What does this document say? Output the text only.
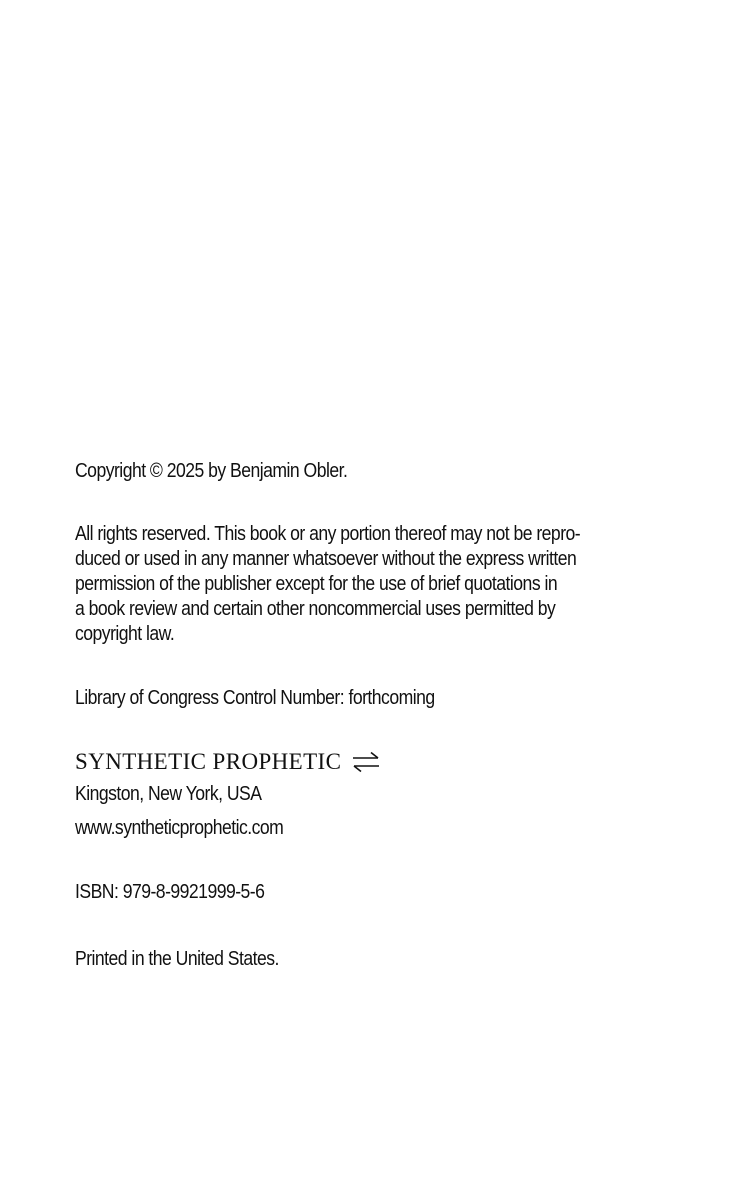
Copyright © 2025 by Benjamin Obler.
All rights reserved. This book or any portion thereof may not be repro-
duced or used in any manner whatsoever without the express written
permission of the publisher except for the use of brief quotations in
a book review and certain other noncommercial uses permitted by
copyright law.
Library of Congress Control Number: forthcoming
SYNTHETIC PROPHETIC
Kingston, New York, USA
www.syntheticprophetic.com
ISBN: 979-8-9921999-5-6
Printed in the United States.
